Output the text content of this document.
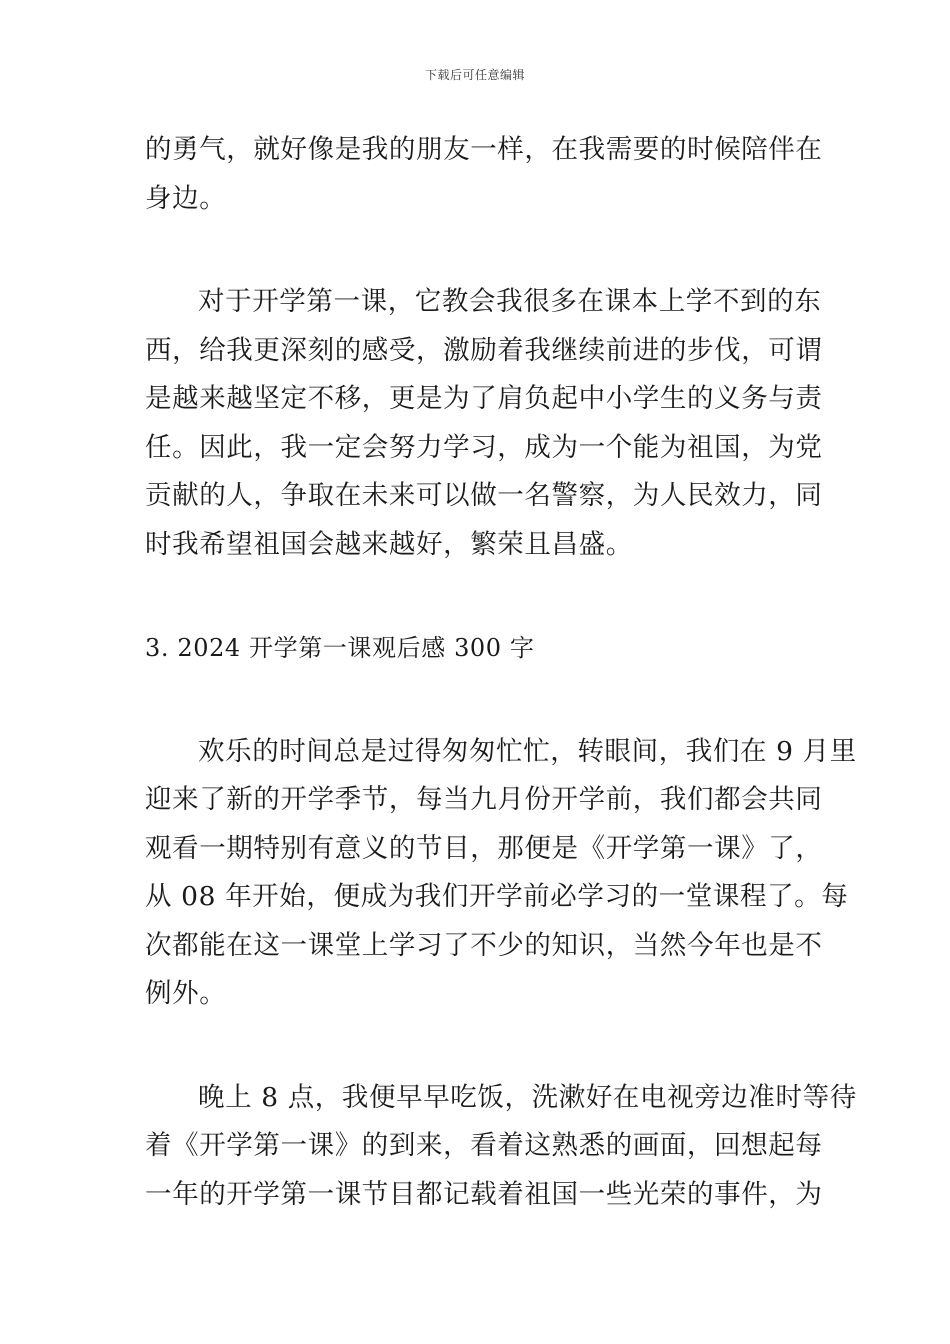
下载后可任意编辑
的勇气，就好像是我的朋友一样，在我需要的时候陪伴在
身边。
对于开学第一课，它教会我很多在课本上学不到的东
西，给我更深刻的感受，激励着我继续前进的步伐，可谓
是越来越坚定不移，更是为了肩负起中小学生的义务与责
任。因此，我一定会努力学习，成为一个能为祖国，为党
贡献的人，争取在未来可以做一名警察，为人民效力，同
时我希望祖国会越来越好，繁荣且昌盛。
3. 2024 开学第一课观后感 300 字
欢乐的时间总是过得匆匆忙忙，转眼间，我们在 9 月里
迎来了新的开学季节，每当九月份开学前，我们都会共同
观看一期特别有意义的节目，那便是《开学第一课》了，
从 08 年开始，便成为我们开学前必学习的一堂课程了。每
次都能在这一课堂上学习了不少的知识，当然今年也是不
例外。
晚上 8 点，我便早早吃饭，洗漱好在电视旁边准时等待
着《开学第一课》的到来，看着这熟悉的画面，回想起每
一年的开学第一课节目都记载着祖国一些光荣的事件，为
